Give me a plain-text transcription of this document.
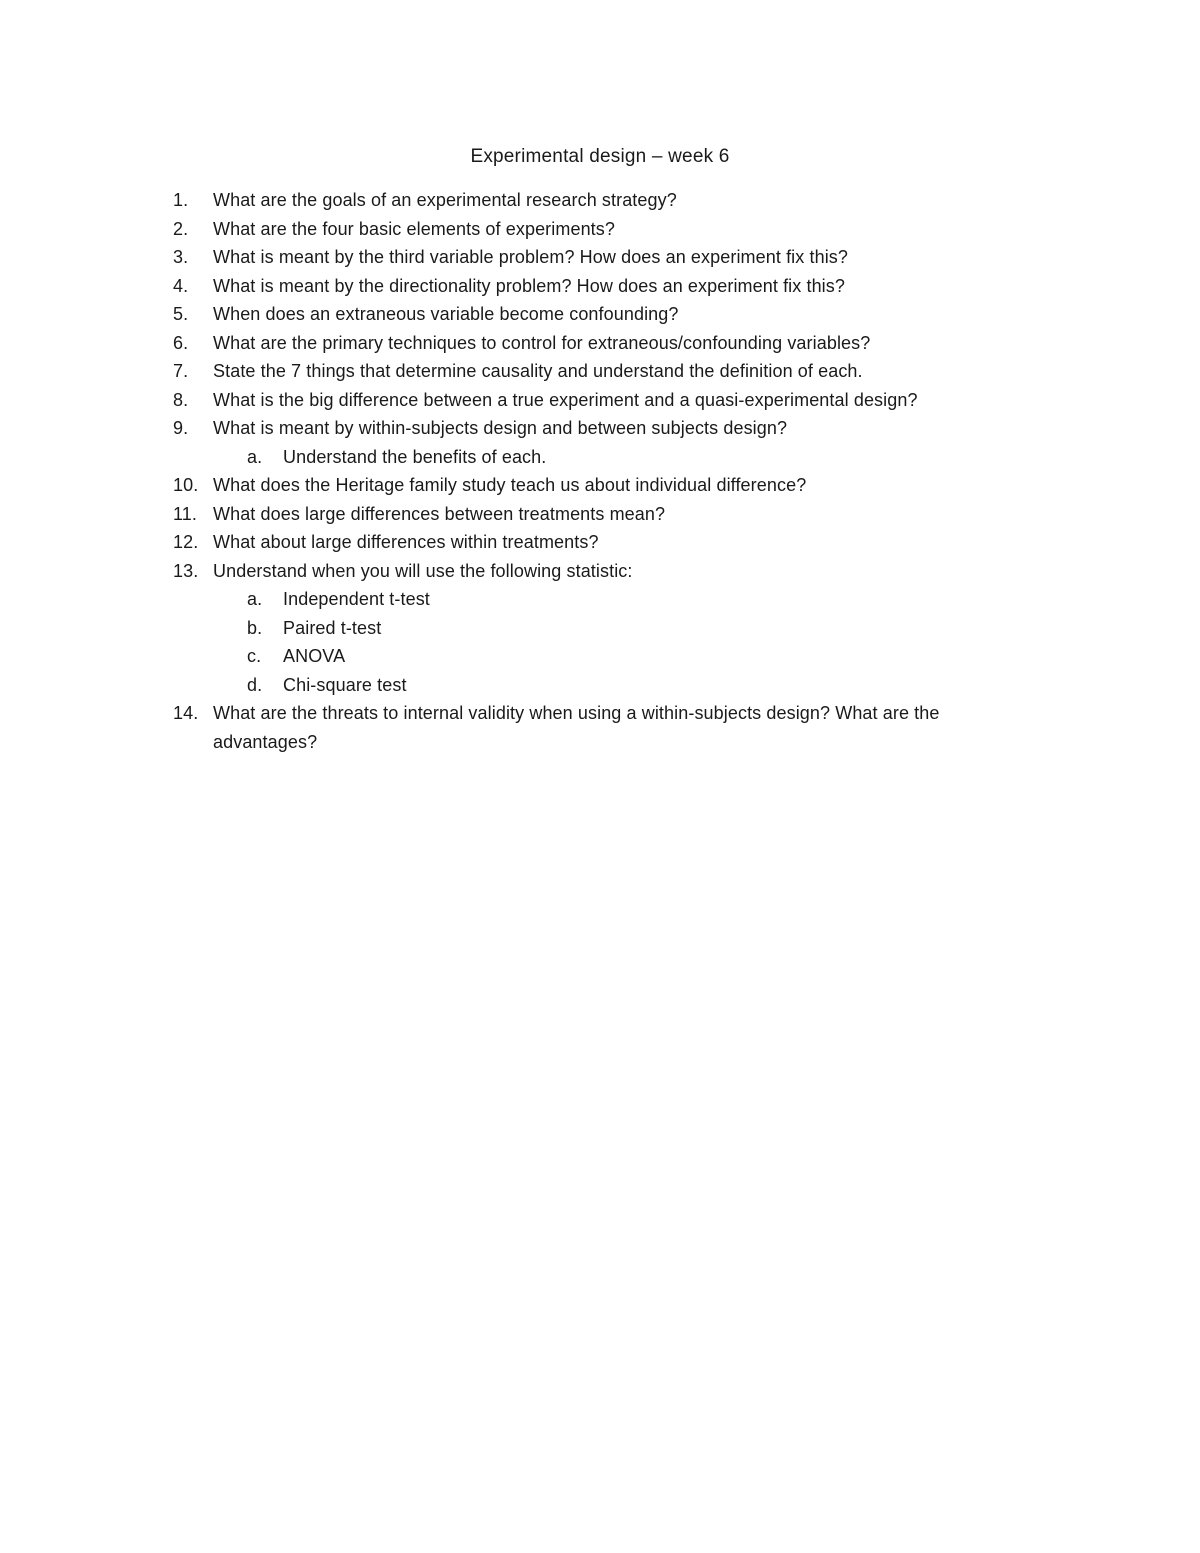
Experimental design – week 6
1.	What are the goals of an experimental research strategy?
2.	What are the four basic elements of experiments?
3.	What is meant by the third variable problem? How does an experiment fix this?
4.	What is meant by the directionality problem? How does an experiment fix this?
5.	When does an extraneous variable become confounding?
6.	What are the primary techniques to control for extraneous/confounding variables?
7.	State the 7 things that determine causality and understand the definition of each.
8.	What is the big difference between a true experiment and a quasi-experimental design?
9.	What is meant by within-subjects design and between subjects design?
a.	Understand the benefits of each.
10. What does the Heritage family study teach us about individual difference?
11. What does large differences between treatments mean?
12. What about large differences within treatments?
13. Understand when you will use the following statistic:
a.	Independent t-test
b.	Paired t-test
c.	ANOVA
d.	Chi-square test
14. What are the threats to internal validity when using a within-subjects design? What are the advantages?
